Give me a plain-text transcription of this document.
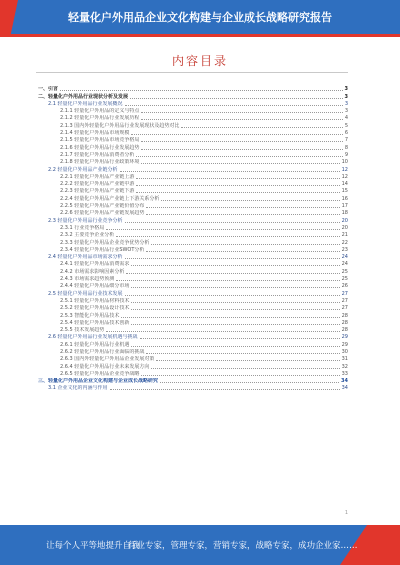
轻量化户外用品企业文化构建与企业成长战略研究报告
内容目录
一、引言	3
二、轻量化户外用品行业现状分析及发展	3
2.1 轻量化户外用品行业发展概况	3
2.1.1 轻量化户外用品的定义与特点	3
2.1.2 轻量化户外用品行业发展历程	4
2.1.3 国内外轻量化户外用品行业发展现状及趋势对比	5
2.1.4 轻量化户外用品市场规模	6
2.1.5 轻量化户外用品市场竞争格局	7
2.1.6 轻量化户外用品行业发展趋势	8
2.1.7 轻量化户外用品消费者分析	9
2.1.8 轻量化户外用品行业政策环境	10
2.2 轻量化户外用品产业链分析	12
2.2.1 轻量化户外用品产业链上游	12
2.2.2 轻量化户外用品产业链中游	14
2.2.3 轻量化户外用品产业链下游	15
2.2.4 轻量化户外用品产业链上下游关系分析	16
2.2.5 轻量化户外用品产业链价值分布	17
2.2.6 轻量化户外用品产业链发展趋势	18
2.3 轻量化户外用品行业竞争分析	20
2.3.1 行业竞争格局	20
2.3.2 主要竞争企业分析	21
2.3.3 轻量化户外用品企业竞争优势分析	22
2.3.4 轻量化户外用品行业SWOT分析	23
2.4 轻量化户外用品市场需求分析	24
2.4.1 轻量化户外用品消费需求	24
2.4.2 市场需求影响因素分析	25
2.4.3 市场需求趋势预测	25
2.4.4 轻量化户外用品细分市场	26
2.5 轻量化户外用品行业技术发展	27
2.5.1 轻量化户外用品材料技术	27
2.5.2 轻量化户外用品设计技术	27
2.5.3 智能化户外用品技术	28
2.5.4 轻量化户外用品技术创新	28
2.5.5 技术发展趋势	28
2.6 轻量化户外用品行业发展机遇与挑战	29
2.6.1 轻量化户外用品行业机遇	29
2.6.2 轻量化户外用品行业面临的挑战	30
2.6.3 国内外轻量化户外用品企业发展对策	31
2.6.4 轻量化户外用品行业未来发展方向	32
2.6.5 轻量化户外用品企业竞争战略	33
三、轻量化户外用品企业文化构建与企业成长战略研究	34
3.1 企业文化的内涵与作用	34
1
让每个人平等地提升自我
行业专家，管理专家，营销专家，战略专家，成功企业家……
